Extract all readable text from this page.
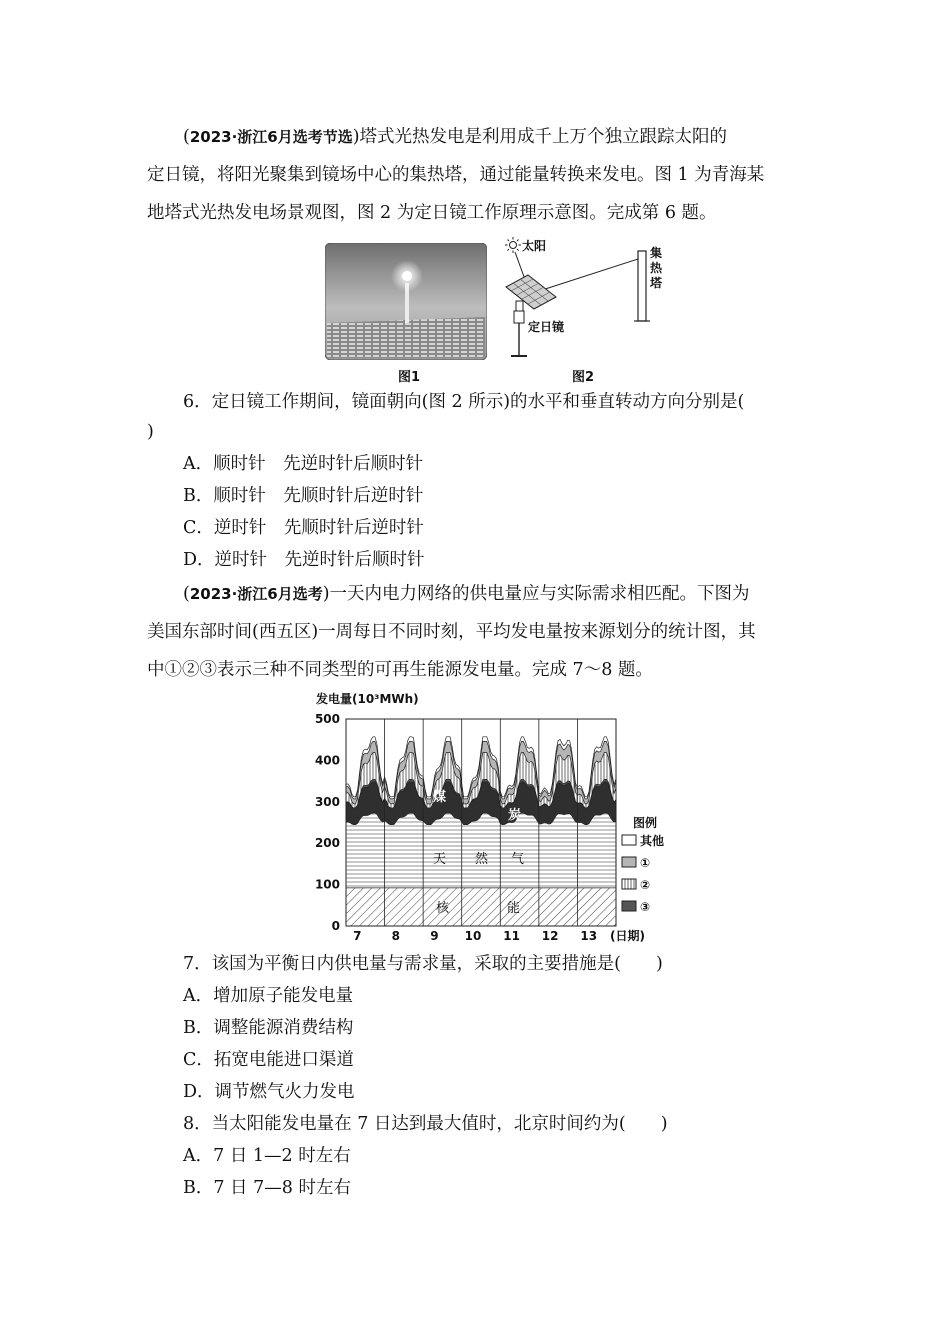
(2023·浙江6月选考节选)塔式光热发电是利用成千上万个独立跟踪太阳的
定日镜，将阳光聚集到镜场中心的集热塔，通过能量转换来发电。图 1 为青海某
地塔式光热发电场景观图，图 2 为定日镜工作原理示意图。完成第 6 题。
图1
太阳	集
热
塔
定日镜
图2
6．定日镜工作期间，镜面朝向(图 2 所示)的水平和垂直转动方向分别是(
)
A．顺时针　先逆时针后顺时针
B．顺时针　先顺时针后逆时针
C．逆时针　先顺时针后逆时针
D．逆时针　先逆时针后顺时针
(2023·浙江6月选考)一天内电力网络的供电量应与实际需求相匹配。下图为
美国东部时间(西五区)一周每日不同时刻，平均发电量按来源划分的统计图，其
中①②③表示三种不同类型的可再生能源发电量。完成 7～8 题。
发电量(10³MWh)
0
100
200
300
400
500
7	8	9 10 11 12 13
煤
炭
天 然 气
核	能
图例
其他
①
②
③
(日期)
7．该国为平衡日内供电量与需求量，采取的主要措施是(　　)
A．增加原子能发电量
B．调整能源消费结构
C．拓宽电能进口渠道
D．调节燃气火力发电
8．当太阳能发电量在 7 日达到最大值时，北京时间约为(　　)
A．7 日 1—2 时左右
B．7 日 7—8 时左右
